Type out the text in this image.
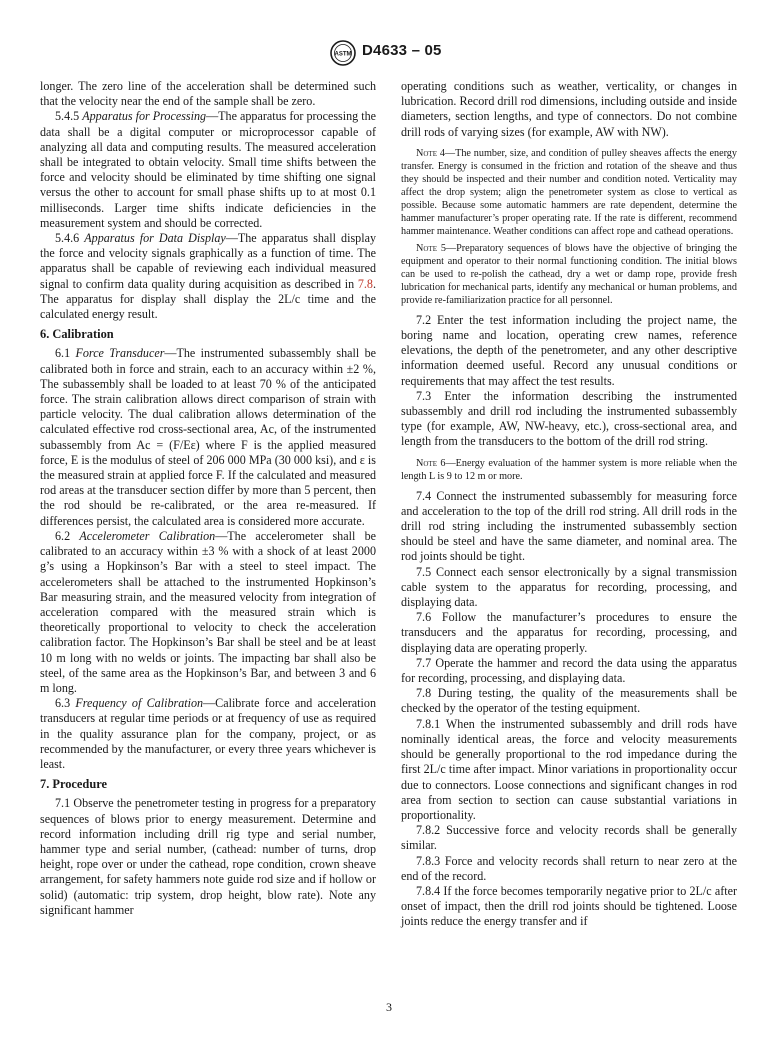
ASTM D4633 – 05

longer. The zero line of the acceleration shall be determined such that the velocity near the end of the sample shall be zero.

5.4.5 Apparatus for Processing—The apparatus for processing the data shall be a digital computer or microprocessor capable of analyzing all data and computing results. The measured acceleration shall be integrated to obtain velocity. Small time shifts between the force and velocity should be eliminated by time shifting one signal versus the other to account for small phase shifts up to at most 0.1 milliseconds. Larger time shifts indicate deficiencies in the measurement system and should be corrected.

5.4.6 Apparatus for Data Display—The apparatus shall display the force and velocity signals graphically as a function of time. The apparatus shall be capable of reviewing each individual measured signal to confirm data quality during acquisition as described in 7.8. The apparatus for display shall display the 2L/c time and the calculated energy result.

6. Calibration

6.1 Force Transducer—The instrumented subassembly shall be calibrated both in force and strain, each to an accuracy within ±2 %, The subassembly shall be loaded to at least 70 % of the anticipated force. The strain calibration allows direct comparison of strain with particle velocity. The dual calibration allows determination of the calculated effective rod cross-sectional area, Ac, of the instrumented subassembly from Ac = (F/Eε) where F is the applied measured force, E is the modulus of steel of 206 000 MPa (30 000 ksi), and ε is the measured strain at applied force F. If the calculated and measured rod areas at the transducer section differ by more than 5 percent, then the rod should be re-calibrated, or the area re-measured. If differences persist, the calculated area is considered more accurate.

6.2 Accelerometer Calibration—The accelerometer shall be calibrated to an accuracy within ±3 % with a shock of at least 2000 g’s using a Hopkinson’s Bar with a steel to steel impact. The accelerometers shall be attached to the instrumented Hopkinson’s Bar measuring strain, and the measured velocity from integration of acceleration compared with the measured strain which is theoretically proportional to velocity to check the acceleration calibration factor. The Hopkinson’s Bar shall be steel and be at least 10 m long with no welds or joints. The impacting bar shall also be steel, of the same area as the Hopkinson’s Bar, and between 3 and 6 m long.

6.3 Frequency of Calibration—Calibrate force and acceleration transducers at regular time periods or at frequency of use as required in the quality assurance plan for the company, project, or as recommended by the manufacturer, or every three years whichever is least.

7. Procedure

7.1 Observe the penetrometer testing in progress for a preparatory sequences of blows prior to energy measurement. Determine and record information including drill rig type and serial number, hammer type and serial number, (cathead: number of turns, drop height, rope over or under the cathead, rope condition, crown sheave arrangement, for safety hammers note guide rod size and if hollow or solid) (automatic: trip system, drop height, blow rate). Note any significant hammer

operating conditions such as weather, verticality, or changes in lubrication. Record drill rod dimensions, including outside and inside diameters, section lengths, and type of connectors. Do not combine drill rods of varying sizes (for example, AW with NW).

Note 4—The number, size, and condition of pulley sheaves affects the energy transfer. Energy is consumed in the friction and rotation of the sheave and thus they should be inspected and their number and condition noted. Verticality may affect the drop system; align the penetrometer system as close to vertical as possible. Because some automatic hammers are rate dependent, determine the hammer manufacturer’s proper operating rate. If the rate is different, recommend hammer maintenance. Weather conditions can affect rope and cathead operations.

Note 5—Preparatory sequences of blows have the objective of bringing the equipment and operator to their normal functioning condition. The initial blows can be used to re-polish the cathead, dry a wet or damp rope, provide fresh lubrication for mechanical parts, identify any mechanical or human problems, and provide re-familiarization practice for all personnel.

7.2 Enter the test information including the project name, the boring name and location, operating crew names, reference elevations, the depth of the penetrometer, and any other descriptive information deemed useful. Record any unusual conditions or requirements that may affect the test results.

7.3 Enter the information describing the instrumented subassembly and drill rod including the instrumented subassembly type (for example, AW, NW-heavy, etc.), cross-sectional area, and length from the transducers to the bottom of the drill rod string.

Note 6—Energy evaluation of the hammer system is more reliable when the length L is 9 to 12 m or more.

7.4 Connect the instrumented subassembly for measuring force and acceleration to the top of the drill rod string. All drill rods in the drill rod string including the instrumented subassembly section should be steel and have the same diameter, and nominal area. The rod joints should be tight.

7.5 Connect each sensor electronically by a signal transmission cable system to the apparatus for recording, processing, and displaying data.

7.6 Follow the manufacturer’s procedures to ensure the transducers and the apparatus for recording, processing, and displaying data are operating properly.

7.7 Operate the hammer and record the data using the apparatus for recording, processing, and displaying data.

7.8 During testing, the quality of the measurements shall be checked by the operator of the testing equipment.

7.8.1 When the instrumented subassembly and drill rods have nominally identical areas, the force and velocity measurements should be generally proportional to the rod impedance during the first 2L/c time after impact. Minor variations in proportionality occur due to connectors. Loose connections and significant changes in rod area from section to section can cause substantial variations in proportionality.

7.8.2 Successive force and velocity records shall be generally similar.

7.8.3 Force and velocity records shall return to near zero at the end of the record.

7.8.4 If the force becomes temporarily negative prior to 2L/c after onset of impact, then the drill rod joints should be tightened. Loose joints reduce the energy transfer and if

3
